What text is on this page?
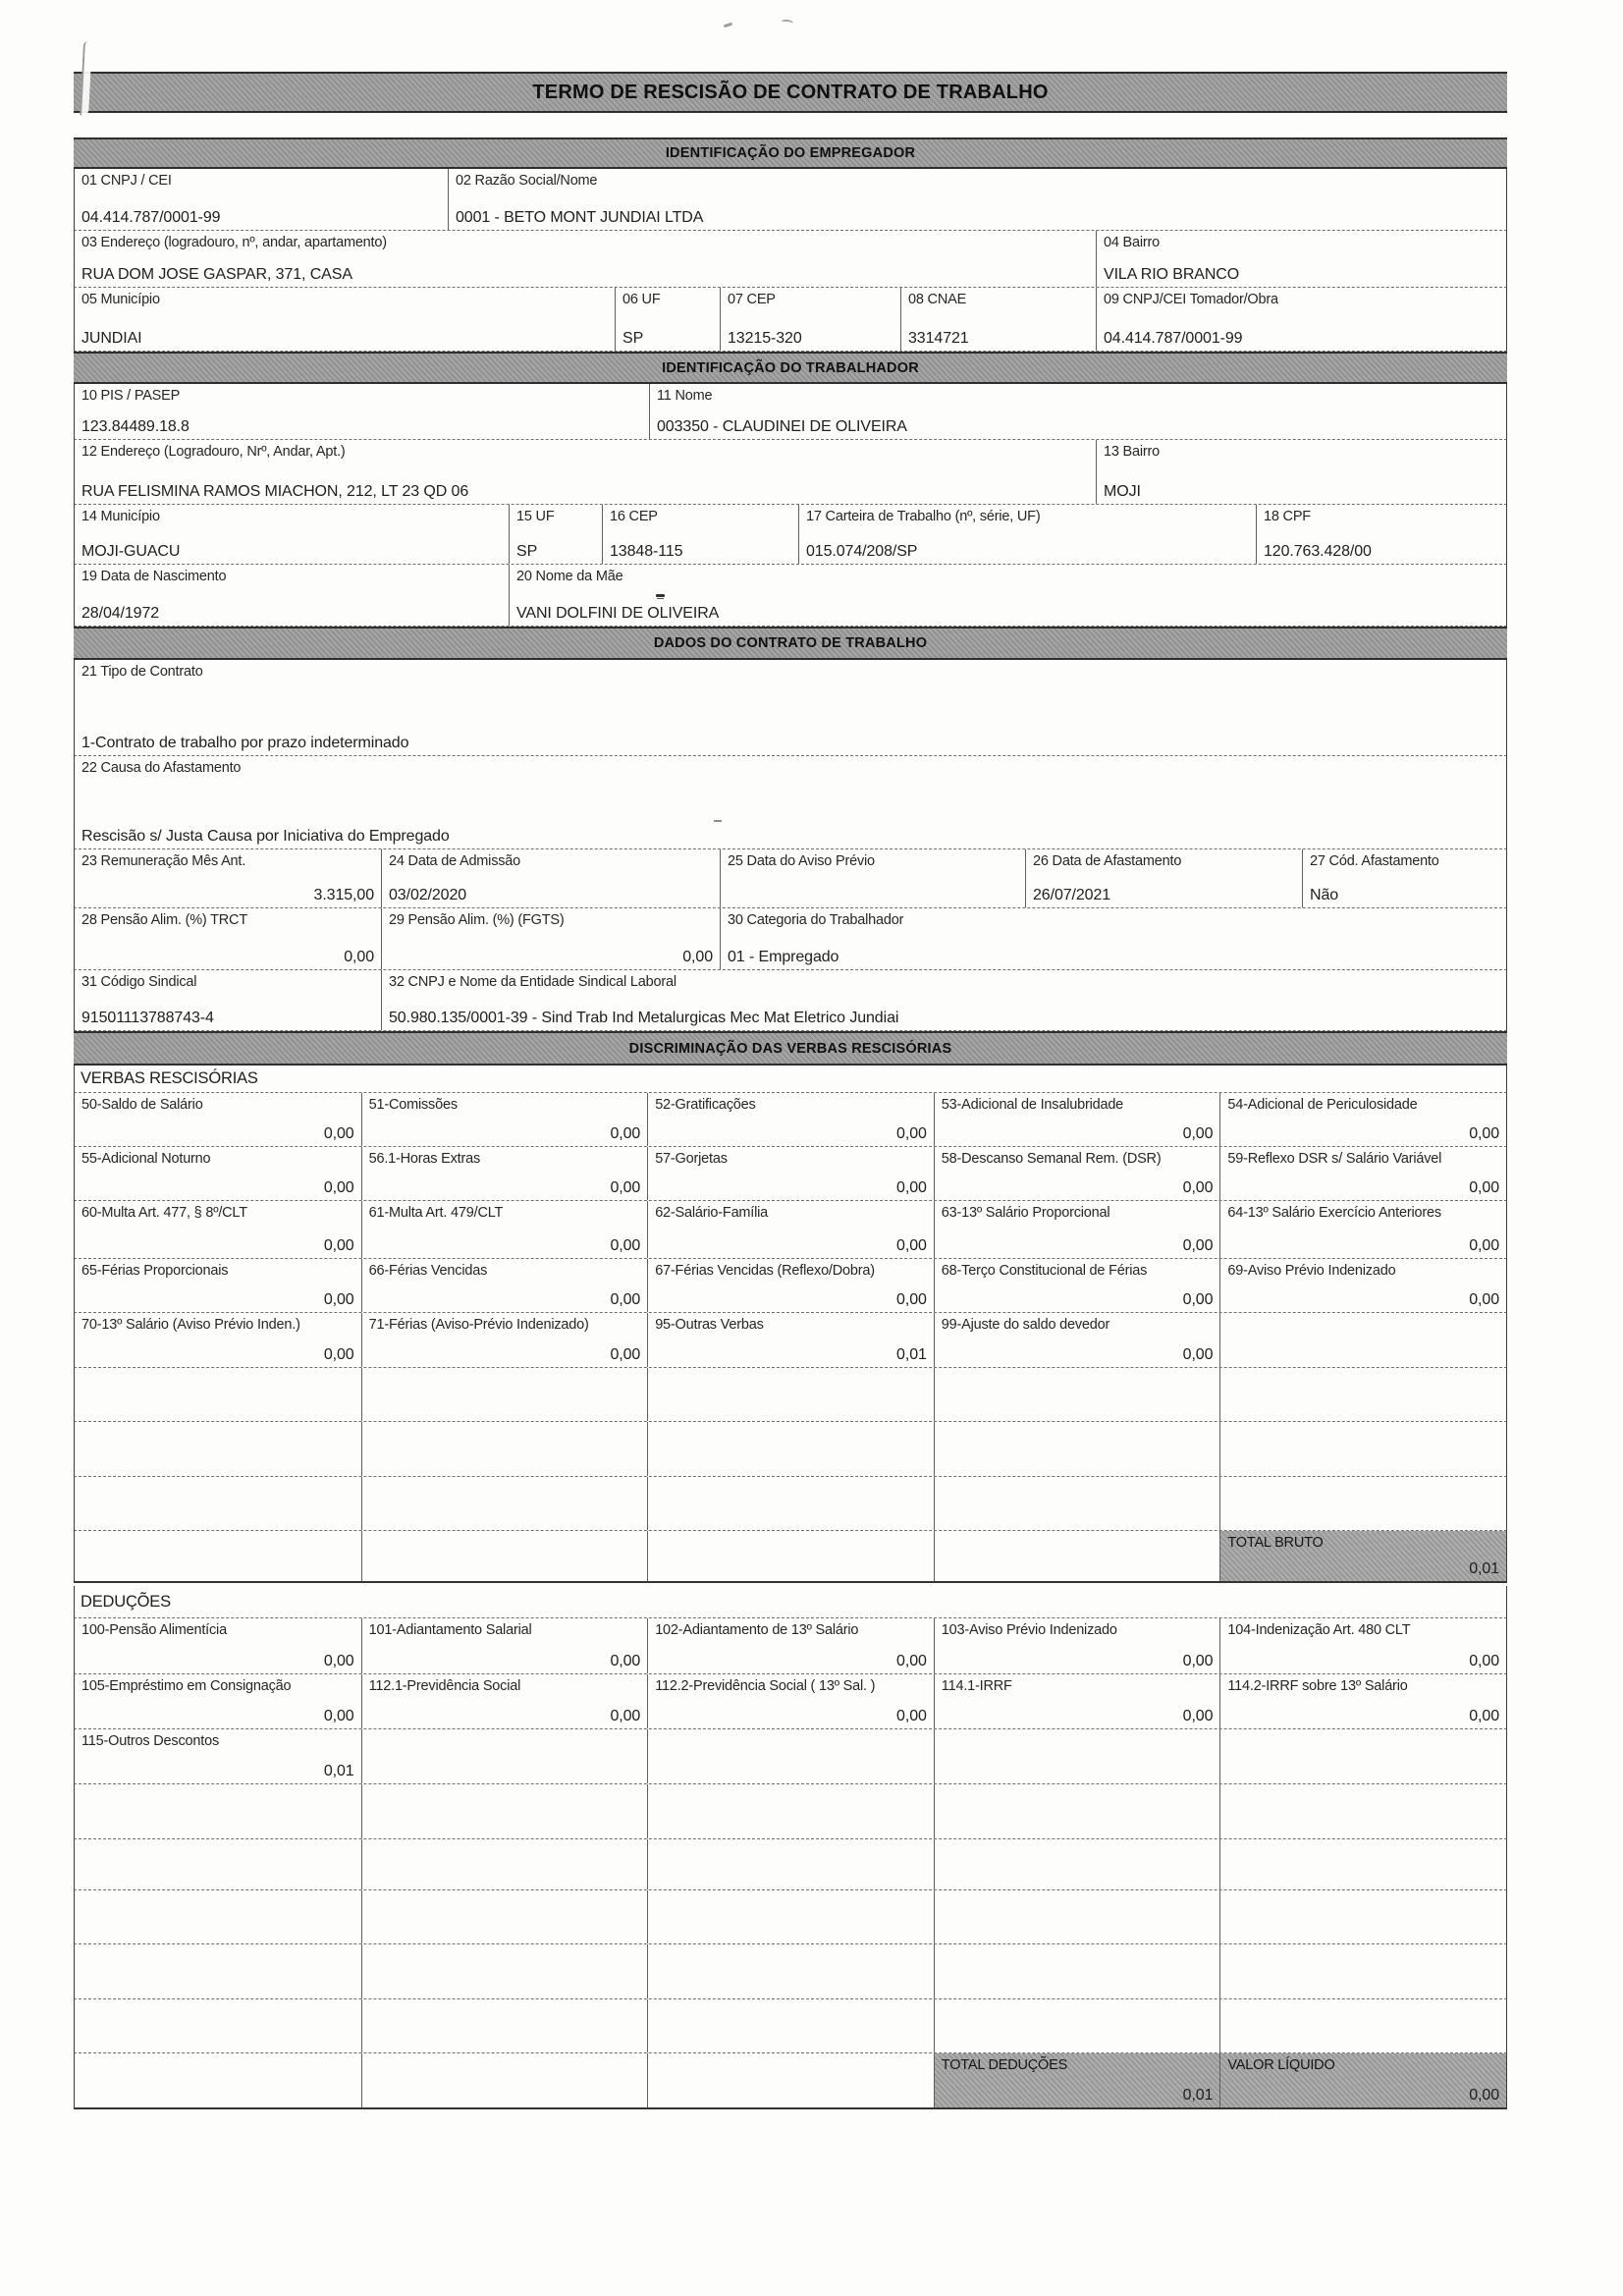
TERMO DE RESCISÃO DE CONTRATO DE TRABALHO
IDENTIFICAÇÃO DO EMPREGADOR
01 CNPJ / CEI
04.414.787/0001-99
02 Razão Social/Nome
0001 - BETO MONT JUNDIAI LTDA
03 Endereço (logradouro, nº, andar, apartamento)
RUA DOM JOSE GASPAR, 371, CASA
04 Bairro
VILA RIO BRANCO
05 Município
JUNDIAI
06 UF
SP
07 CEP
13215-320
08 CNAE
3314721
09 CNPJ/CEI Tomador/Obra
04.414.787/0001-99
IDENTIFICAÇÃO DO TRABALHADOR
10 PIS / PASEP
123.84489.18.8
11 Nome
003350 - CLAUDINEI DE OLIVEIRA
12 Endereço (Logradouro, Nrº, Andar, Apt.)
RUA FELISMINA RAMOS MIACHON, 212, LT 23 QD 06
13 Bairro
MOJI
14 Município
MOJI-GUACU
15 UF
SP
16 CEP
13848-115
17 Carteira de Trabalho (nº, série, UF)
015.074/208/SP
18 CPF
120.763.428/00
19 Data de Nascimento
28/04/1972
20 Nome da Mãe
VANI DOLFINI DE OLIVEIRA
DADOS DO CONTRATO DE TRABALHO
21 Tipo de Contrato
1-Contrato de trabalho por prazo indeterminado
22 Causa do Afastamento
Rescisão s/ Justa Causa por Iniciativa do Empregado
23 Remuneração Mês Ant.
3.315,00
24 Data de Admissão
03/02/2020
25 Data do Aviso Prévio	26 Data de Afastamento
26/07/2021
27 Cód. Afastamento
Não
28 Pensão Alim. (%) TRCT
0,00
29 Pensão Alim. (%) (FGTS)
0,00
30 Categoria do Trabalhador
01 - Empregado
31 Código Sindical
91501113788743-4
32 CNPJ e Nome da Entidade Sindical Laboral
50.980.135/0001-39 - Sind Trab Ind Metalurgicas Mec Mat Eletrico Jundiai
DISCRIMINAÇÃO DAS VERBAS RESCISÓRIAS
VERBAS RESCISÓRIAS
50-Saldo de Salário
0,00
51-Comissões
0,00
52-Gratificações
0,00
53-Adicional de Insalubridade
0,00
54-Adicional de Periculosidade
0,00
55-Adicional Noturno
0,00
56.1-Horas Extras
0,00
57-Gorjetas
0,00
58-Descanso Semanal Rem. (DSR)
0,00
59-Reflexo DSR s/ Salário Variável
0,00
60-Multa Art. 477, § 8º/CLT
0,00
61-Multa Art. 479/CLT
0,00
62-Salário-Família
0,00
63-13º Salário Proporcional
0,00
64-13º Salário Exercício Anteriores
0,00
65-Férias Proporcionais
0,00
66-Férias Vencidas
0,00
67-Férias Vencidas (Reflexo/Dobra)
0,00
68-Terço Constitucional de Férias
0,00
69-Aviso Prévio Indenizado
0,00
70-13º Salário (Aviso Prévio Inden.)
0,00
71-Férias (Aviso-Prévio Indenizado)
0,00
95-Outras Verbas
0,01
99-Ajuste do saldo devedor
0,00
TOTAL BRUTO
0,01
DEDUÇÕES
100-Pensão Alimentícia
0,00
101-Adiantamento Salarial
0,00
102-Adiantamento de 13º Salário
0,00
103-Aviso Prévio Indenizado
0,00
104-Indenização Art. 480 CLT
0,00
105-Empréstimo em Consignação
0,00
112.1-Previdência Social
0,00
112.2-Previdência Social ( 13º Sal. )
0,00
114.1-IRRF
0,00
114.2-IRRF sobre 13º Salário
0,00
115-Outros Descontos
0,01
TOTAL DEDUÇÕES
0,01
VALOR LÍQUIDO
0,00
